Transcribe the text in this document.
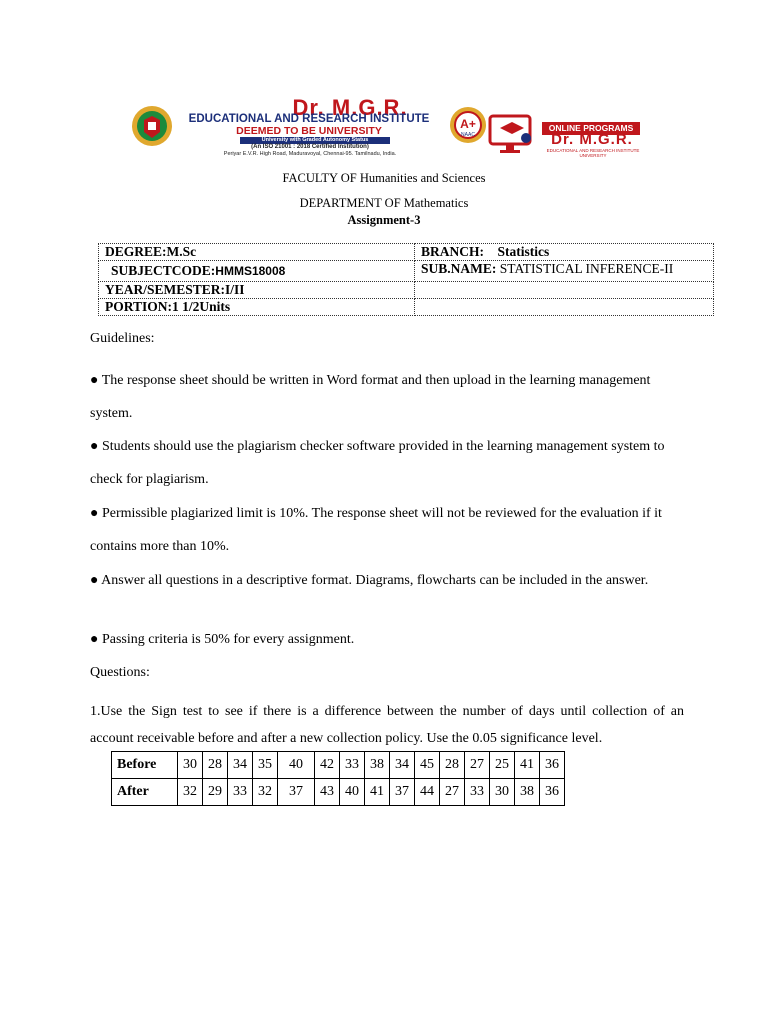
Dr. M.G.R.
EDUCATIONAL AND RESEARCH INSTITUTE
DEEMED TO BE UNIVERSITY
University with Graded Autonomy Status
(An ISO 21001 : 2018 Certified Institution)
Periyar E.V.R. High Road, Maduravoyal, Chennai-95. Tamilnadu, India.
A+
NAAC
ONLINE PROGRAMS
Dr. M.G.R.
EDUCATIONAL AND RESEARCH INSTITUTE
UNIVERSITY
FACULTY OF Humanities and Sciences
DEPARTMENT OF Mathematics
Assignment-3
DEGREE:M.Sc	BRANCH: Statistics
SUBJECTCODE:HMMS18008	SUB.NAME: STATISTICAL INFERENCE-II
YEAR/SEMESTER:I/II	
PORTION:1 1/2Units	
Guidelines:
● The response sheet should be written in Word format and then upload in the learning management system.
● Students should use the plagiarism checker software provided in the learning management system to check for plagiarism.
● Permissible plagiarized limit is 10%. The response sheet will not be reviewed for the evaluation if it contains more than 10%.
● Answer all questions in a descriptive format. Diagrams, flowcharts can be included in the answer.
● Passing criteria is 50% for every assignment.
Questions:
1.Use the Sign test to see if there is a difference between the number of days until collection of an account receivable before and after a new collection policy. Use the 0.05 significance level.
Before	30	28	34	35	40	42	33	38	34	45	28	27	25	41	36
After	32	29	33	32	37	43	40	41	37	44	27	33	30	38	36
